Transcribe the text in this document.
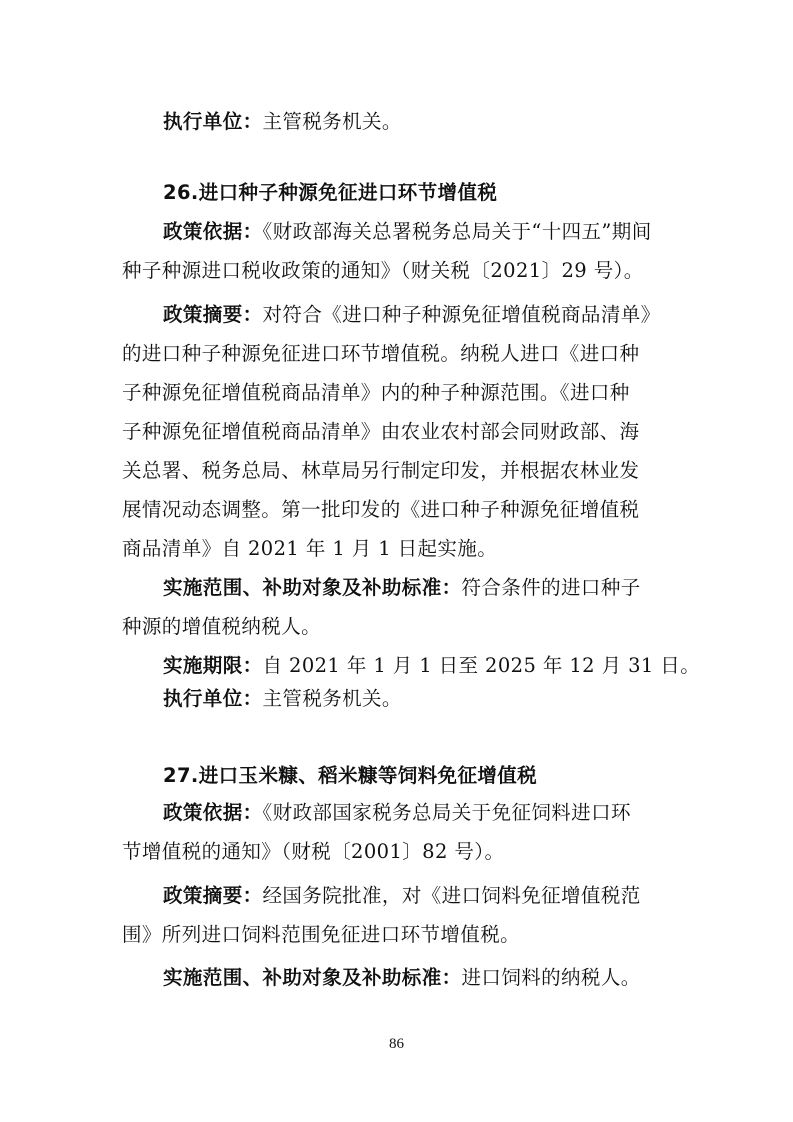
执行单位：主管税务机关。
26.进口种子种源免征进口环节增值税
政策依据：《财政部海关总署税务总局关于“十四五”期间
种子种源进口税收政策的通知》（财关税〔2021〕29 号）。
政策摘要：对符合《进口种子种源免征增值税商品清单》
的进口种子种源免征进口环节增值税。纳税人进口《进口种
子种源免征增值税商品清单》内的种子种源范围。《进口种
子种源免征增值税商品清单》由农业农村部会同财政部、海
关总署、税务总局、林草局另行制定印发，并根据农林业发
展情况动态调整。第一批印发的《进口种子种源免征增值税
商品清单》自 2021 年 1 月 1 日起实施。
实施范围、补助对象及补助标准：符合条件的进口种子
种源的增值税纳税人。
实施期限：自 2021 年 1 月 1 日至 2025 年 12 月 31 日。
执行单位：主管税务机关。
27.进口玉米糠、稻米糠等饲料免征增值税
政策依据：《财政部国家税务总局关于免征饲料进口环
节增值税的通知》（财税〔2001〕82 号）。
政策摘要：经国务院批准，对《进口饲料免征增值税范
围》所列进口饲料范围免征进口环节增值税。
实施范围、补助对象及补助标准：进口饲料的纳税人。
86
